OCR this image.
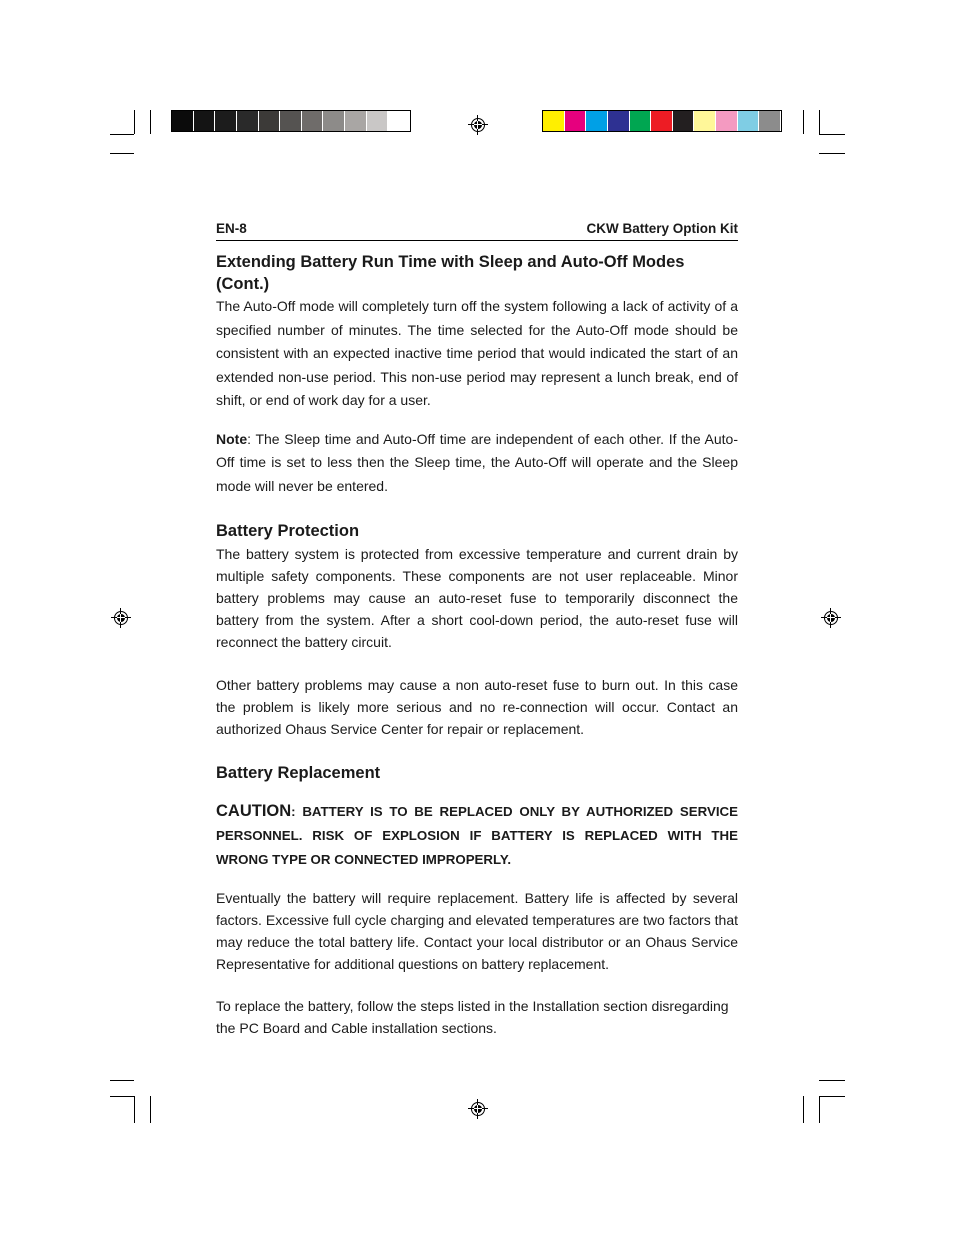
EN-8	CKW Battery Option Kit
Extending Battery Run Time with Sleep and Auto-Off Modes (Cont.)

The Auto-Off mode will completely turn off the system following a lack of activity of a specified number of minutes. The time selected for the Auto-Off mode should be consistent with an expected inactive time period that would indicated the start of an extended non-use period. This non-use period may represent a lunch break, end of shift, or end of work day for a user.

Note: The Sleep time and Auto-Off time are independent of each other. If the Auto-Off time is set to less then the Sleep time, the Auto-Off will operate and the Sleep mode will never be entered.

Battery Protection

The battery system is protected from excessive temperature and current drain by multiple safety components. These components are not user replaceable. Minor battery problems may cause an auto-reset fuse to temporarily disconnect the battery from the system. After a short cool-down period, the auto-reset fuse will reconnect the battery circuit.

Other battery problems may cause a non auto-reset fuse to burn out. In this case the problem is likely more serious and no re-connection will occur. Contact an authorized Ohaus Service Center for repair or replacement.

Battery Replacement

CAUTION: BATTERY IS TO BE REPLACED ONLY BY AUTHORIZED SERVICE PERSONNEL. RISK OF EXPLOSION IF BATTERY IS REPLACED WITH THE WRONG TYPE OR CONNECTED IMPROPERLY.

Eventually the battery will require replacement. Battery life is affected by several factors. Excessive full cycle charging and elevated temperatures are two factors that may reduce the total battery life. Contact your local distributor or an Ohaus Service Representative for additional questions on battery replacement.

To replace the battery, follow the steps listed in the Installation section disregarding the PC Board and Cable installation sections.
